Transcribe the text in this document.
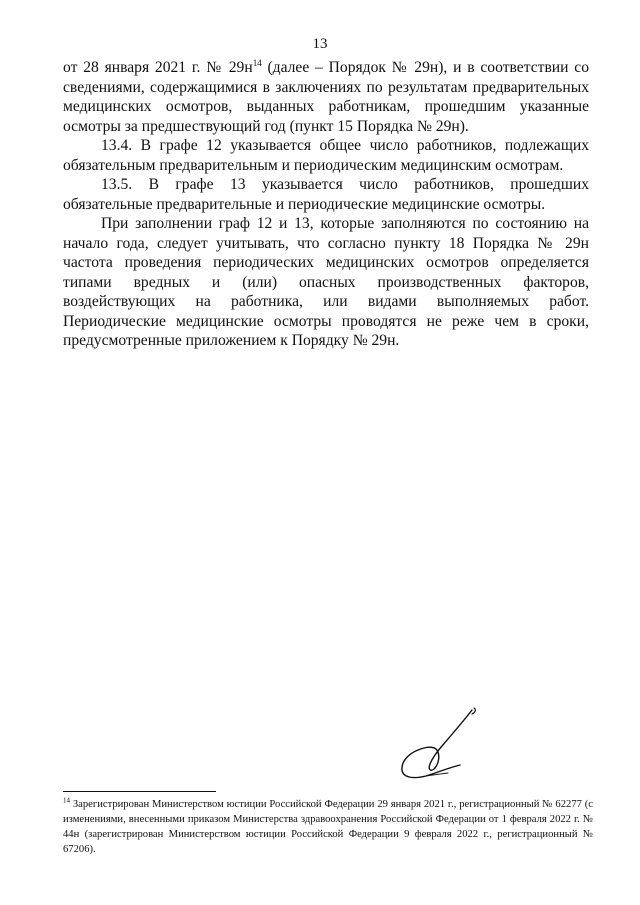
13

от 28 января 2021 г. № $29н^{14}$ (далее – Порядок № 29н), и в соответствии со сведениями, содержащимися в заключениях по результатам предварительных медицинских осмотров, выданных работникам, прошедшим указанные осмотры за предшествующий год (пункт 15 Порядка № 29н).

13.4. В графе 12 указывается общее число работников, подлежащих обязательным предварительным и периодическим медицинским осмотрам.

13.5. В графе 13 указывается число работников, прошедших обязательные предварительные и периодические медицинские осмотры.

При заполнении граф 12 и 13, которые заполняются по состоянию на начало года, следует учитывать, что согласно пункту 18 Порядка № 29н частота проведения периодических медицинских осмотров определяется типами вредных и (или) опасных производственных факторов, воздействующих на работника, или видами выполняемых работ. Периодические медицинские осмотры проводятся не реже чем в сроки, предусмотренные приложением к Порядку № 29н.

$^{14}$ Зарегистрирован Министерством юстиции Российской Федерации 29 января 2021 г., регистрационный № 62277 (с изменениями, внесенными приказом Министерства здравоохранения Российской Федерации от 1 февраля 2022 г. № 44н (зарегистрирован Министерством юстиции Российской Федерации 9 февраля 2022 г., регистрационный № 67206).
